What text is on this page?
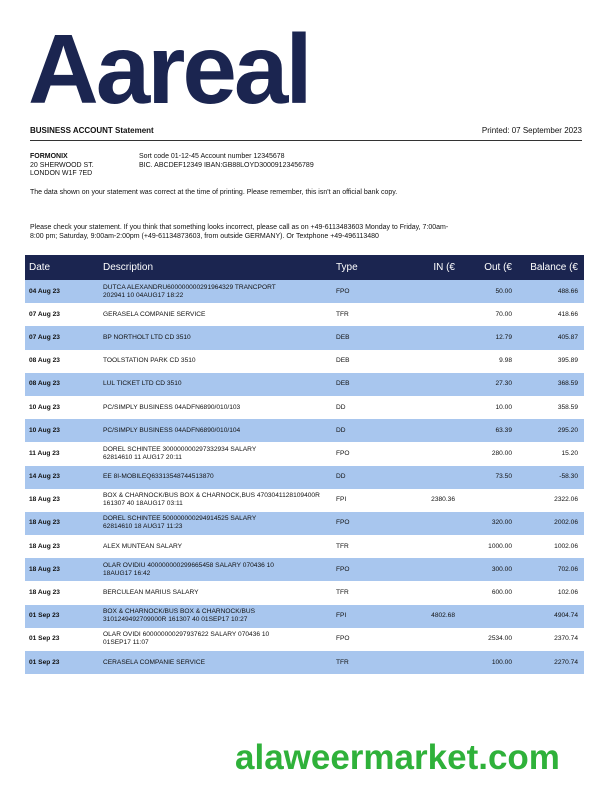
Aareal
BUSINESS ACCOUNT Statement	Printed: 07 September 2023
FORMONIX
20 SHERWOOD ST.
LONDON W1F 7ED
Sort code 01-12-45 Account number 12345678
BIC. ABCDEF12349 IBAN:GB88LOYD30009123456789
The data shown on your statement was correct at the time of printing. Please remember, this isn't an official bank copy.
Please check your statement. If you think that something looks incorrect, please call as on +49-6113483603 Monday to Friday, 7:00am-8:00 pm; Saturday, 9:00am-2:00pm (+49-61134873603, from outside GERMANY). Or Textphone +49-496113480
Date	Description	Type	IN (€	Out (€	Balance (€
04 Aug 23	DUTCA ALEXANDRU600000000291964329 TRANCPORT
202941 10 04AUG17 18:22	FPO		50.00	488.66
07 Aug 23	GERASELA COMPANIE SERVICE	TFR		70.00	418.66
07 Aug 23	BP NORTHOLT LTD CD 3510	DEB		12.79	405.87
08 Aug 23	TOOLSTATION PARK CD 3510	DEB		9.98	395.89
08 Aug 23	LUL TICKET LTD CD 3510	DEB		27.30	368.59
10 Aug 23	PC/SIMPLY BUSINESS 04ADFN6890/010/103	DD		10.00	358.59
10 Aug 23	PC/SIMPLY BUSINESS 04ADFN6890/010/104	DD		63.39	295.20
11 Aug 23	DOREL SCHINTEE 300000000297332934 SALARY
62814610 11 AUG17 20:11	FPO		280.00	15.20
14 Aug 23	EE 8I-MOBILEQ63313548744513870	DD		73.50	-58.30
18 Aug 23	BOX & CHARNOCK/BUS BOX & CHARNOCK,BUS 4703041128109400R
161307 40 18AUG17 03:11	FPI	2380.36		2322.06
18 Aug 23	DOREL SCHINTEE 500000000294914525 SALARY
62814610 18 AUG17 11:23	FPO		320.00	2002.06
18 Aug 23	ALEX MUNTEAN SALARY	TFR		1000.00	1002.06
18 Aug 23	OLAR OVIDIU 400000000299665458 SALARY 070436 10
18AUG17 16:42	FPO		300.00	702.06
18 Aug 23	BERCULEAN MARIUS SALARY	TFR		600.00	102.06
01 Sep 23	BOX & CHARNOCK/BUS BOX & CHARNOCK/BUS
3101249492709000R 161307 40 01SEP17 10:27	FPI	4802.68		4904.74
01 Sep 23	OLAR OVIDI 600000000297937622 SALARY 070436 10
01SEP17 11:07	FPO		2534.00	2370.74
01 Sep 23	CERASELA COMPANIE SERVICE	TFR		100.00	2270.74
alaweermarket.com
